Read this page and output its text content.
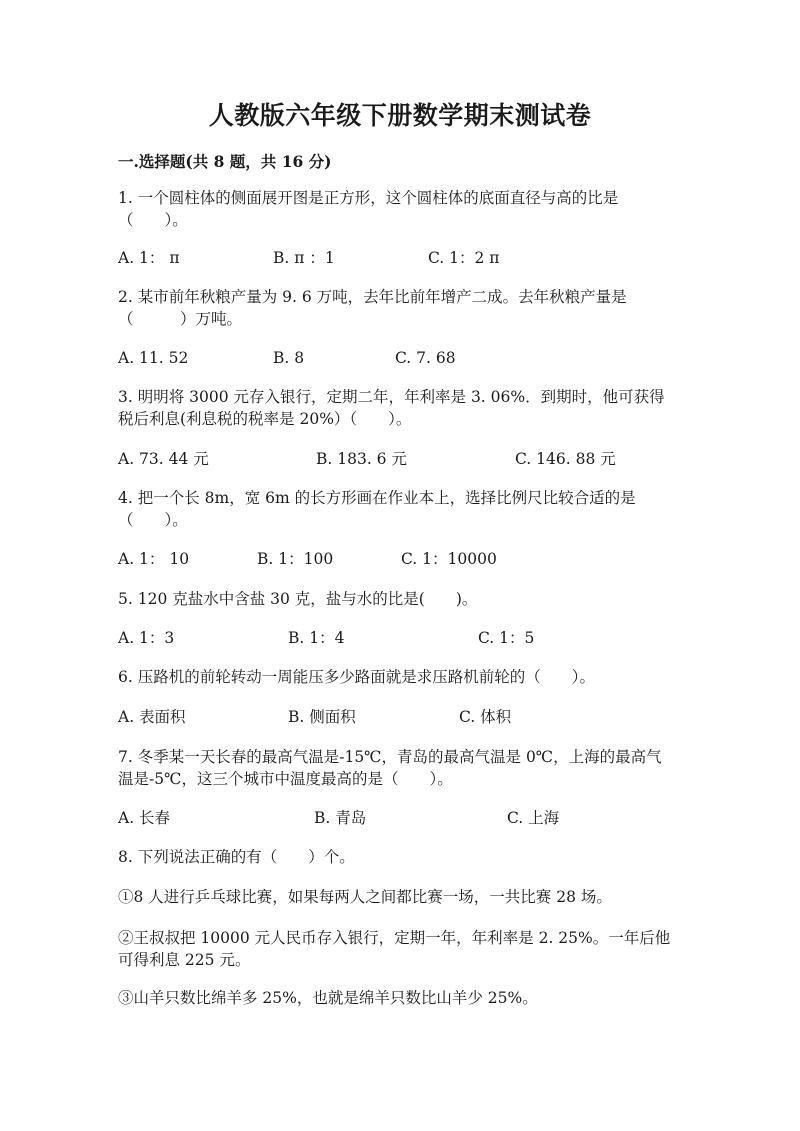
人教版六年级下册数学期末测试卷
一.选择题(共 8 题，共 16 分)
1. 一个圆柱体的侧面展开图是正方形，这个圆柱体的底面直径与高的比是
（　　）。
A. 1： π	B. π ：1	C. 1：2 π
2. 某市前年秋粮产量为 9. 6 万吨，去年比前年增产二成。去年秋粮产量是
（　　　）万吨。
A. 11. 52	B. 8	C. 7. 68
3. 明明将 3000 元存入银行，定期二年，年利率是 3. 06%．到期时，他可获得
税后利息(利息税的税率是 20%）（　　）。
A. 73. 44 元	B. 183. 6 元	C. 146. 88 元
4. 把一个长 8m，宽 6m 的长方形画在作业本上，选择比例尺比较合适的是
（　　）。
A. 1： 10	B. 1：100	C. 1：10000
5. 120 克盐水中含盐 30 克，盐与水的比是(　　)。
A. 1：3	B. 1：4	C. 1：5
6. 压路机的前轮转动一周能压多少路面就是求压路机前轮的（　　）。
A. 表面积	B. 侧面积	C. 体积
7. 冬季某一天长春的最高气温是-15℃，青岛的最高气温是 0℃，上海的最高气
温是-5℃，这三个城市中温度最高的是（　　）。
A. 长春	B. 青岛	C. 上海
8. 下列说法正确的有（　　）个。
①8 人进行乒乓球比赛，如果每两人之间都比赛一场，一共比赛 28 场。
②王叔叔把 10000 元人民币存入银行，定期一年，年利率是 2. 25%。一年后他
可得利息 225 元。
③山羊只数比绵羊多 25%，也就是绵羊只数比山羊少 25%。
